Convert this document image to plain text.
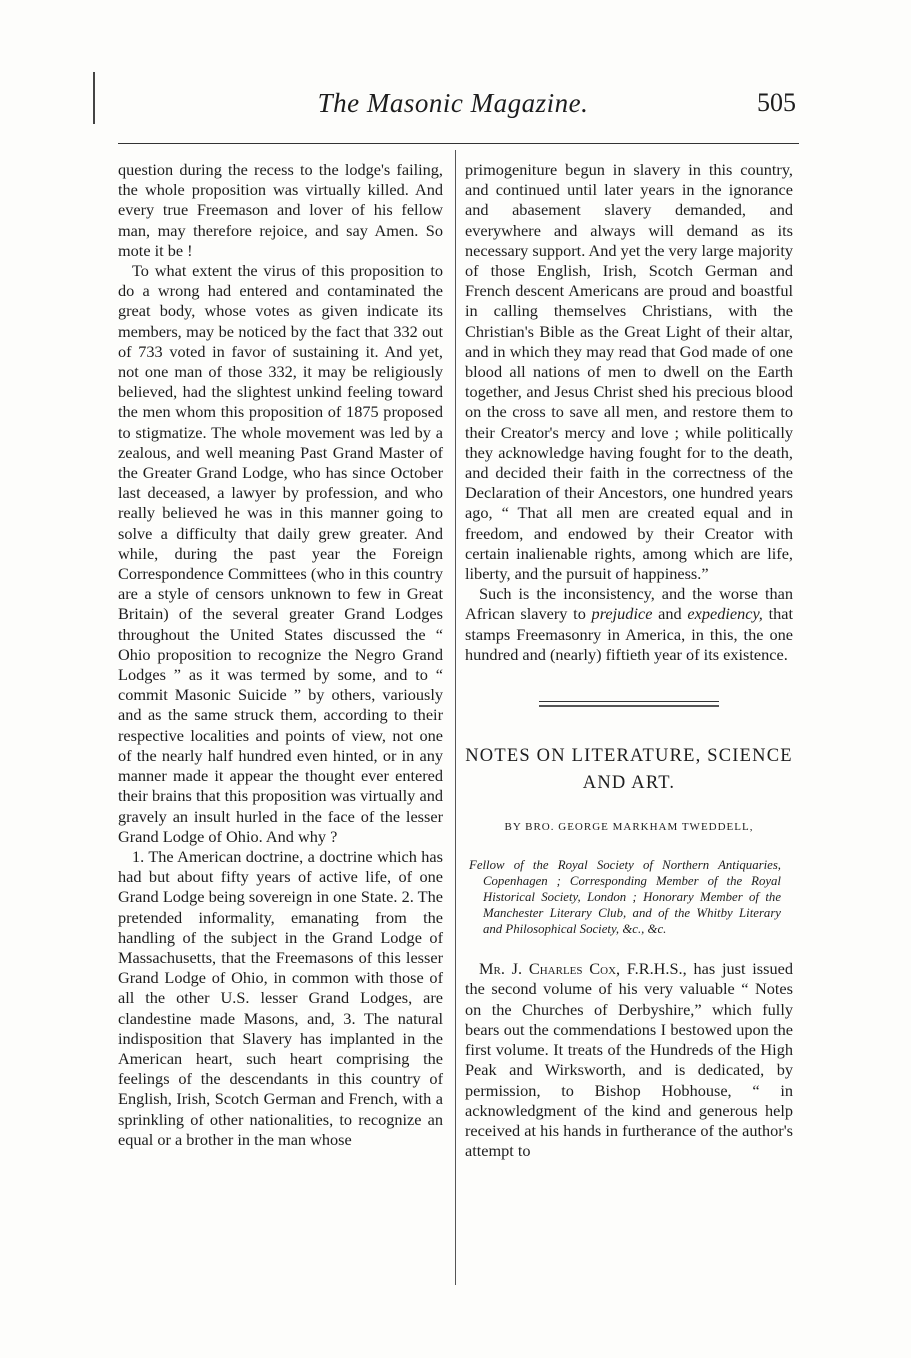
The Masonic Magazine.	505

question during the recess to the lodge's failing, the whole proposition was virtually killed. And every true Freemason and lover of his fellow man, may therefore rejoice, and say Amen. So mote it be !

To what extent the virus of this proposition to do a wrong had entered and contaminated the great body, whose votes as given indicate its members, may be noticed by the fact that 332 out of 733 voted in favor of sustaining it. And yet, not one man of those 332, it may be religiously believed, had the slightest unkind feeling toward the men whom this proposition of 1875 proposed to stigmatize. The whole movement was led by a zealous, and well meaning Past Grand Master of the Greater Grand Lodge, who has since October last deceased, a lawyer by profession, and who really believed he was in this manner going to solve a difficulty that daily grew greater. And while, during the past year the Foreign Correspondence Committees (who in this country are a style of censors unknown to few in Great Britain) of the several greater Grand Lodges throughout the United States discussed the “ Ohio proposition to recognize the Negro Grand Lodges ” as it was termed by some, and to “ commit Masonic Suicide ” by others, variously and as the same struck them, according to their respective localities and points of view, not one of the nearly half hundred even hinted, or in any manner made it appear the thought ever entered their brains that this proposition was virtually and gravely an insult hurled in the face of the lesser Grand Lodge of Ohio. And why ?

1. The American doctrine, a doctrine which has had but about fifty years of active life, of one Grand Lodge being sovereign in one State. 2. The pretended informality, emanating from the handling of the subject in the Grand Lodge of Massachusetts, that the Freemasons of this lesser Grand Lodge of Ohio, in common with those of all the other U.S. lesser Grand Lodges, are clandestine made Masons, and, 3. The natural indisposition that Slavery has implanted in the American heart, such heart comprising the feelings of the descendants in this country of English, Irish, Scotch German and French, with a sprinkling of other nationalities, to recognize an equal or a brother in the man whose

primogeniture begun in slavery in this country, and continued until later years in the ignorance and abasement slavery demanded, and everywhere and always will demand as its necessary support. And yet the very large majority of those English, Irish, Scotch German and French descent Americans are proud and boastful in calling themselves Christians, with the Christian's Bible as the Great Light of their altar, and in which they may read that God made of one blood all nations of men to dwell on the Earth together, and Jesus Christ shed his precious blood on the cross to save all men, and restore them to their Creator's mercy and love ; while politically they acknowledge having fought for to the death, and decided their faith in the correctness of the Declaration of their Ancestors, one hundred years ago, “ That all men are created equal and in freedom, and endowed by their Creator with certain inalienable rights, among which are life, liberty, and the pursuit of happiness.”

Such is the inconsistency, and the worse than African slavery to prejudice and expediency, that stamps Freemasonry in America, in this, the one hundred and (nearly) fiftieth year of its existence.

NOTES ON LITERATURE, SCIENCE
AND ART.
BY BRO. GEORGE MARKHAM TWEDDELL,

Fellow of the Royal Society of Northern Antiquaries, Copenhagen ; Corresponding Member of the Royal Historical Society, London ; Honorary Member of the Manchester Literary Club, and of the Whitby Literary and Philosophical Society, &c., &c.

Mr. J. Charles Cox, F.R.H.S., has just issued the second volume of his very valuable “ Notes on the Churches of Derbyshire,” which fully bears out the commendations I bestowed upon the first volume. It treats of the Hundreds of the High Peak and Wirksworth, and is dedicated, by permission, to Bishop Hobhouse, “ in acknowledgment of the kind and generous help received at his hands in furtherance of the author's attempt to
